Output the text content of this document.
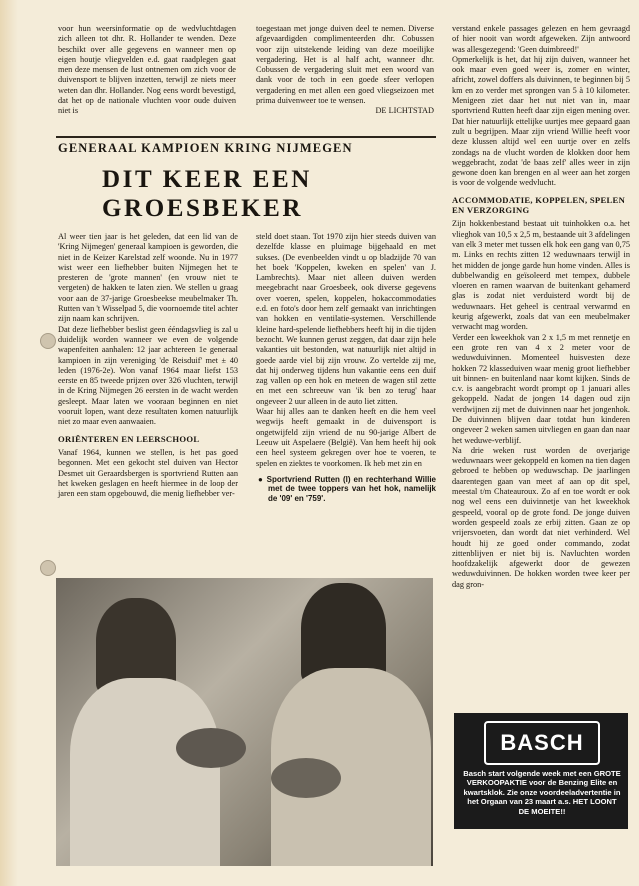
voor hun weersinformatie op de wedvluchtdagen zich alleen tot dhr. R. Hollander te wenden. Deze beschikt over alle gegevens en wanneer men op eigen houtje vliegvelden e.d. gaat raadplegen gaat men deze mensen de lust ontnemen om zich voor de duivensport te blijven inzetten, terwijl ze niets meer weten dan dhr. Hollander. Nog eens wordt bevestigd, dat het op de nationale vluchten voor oude duiven niet is

toegestaan met jonge duiven deel te nemen. Diverse afgevaardigden complimenteerden dhr. Cobussen voor zijn uitstekende leiding van deze moeilijke vergadering. Het is al half acht, wanneer dhr. Cobussen de vergadering sluit met een woord van dank voor de toch in een goede sfeer verlopen vergadering en met allen een goed vliegseizoen met prima duivenweer toe te wensen.

DE LICHTSTAD

GENERAAL KAMPIOEN KRING NIJMEGEN
DIT KEER EEN
GROESBEKER

Al weer tien jaar is het geleden, dat een lid van de 'Kring Nijmegen' generaal kampioen is geworden, die niet in de Keizer Karelstad zelf woonde. Nu in 1977 wist weer een liefhebber buiten Nijmegen het te presteren de 'grote mannen' (en vrouw niet te vergeten) de hakken te laten zien. We stellen u graag voor aan de 37-jarige Groesbeekse meubelmaker Th. Rutten van 't Wisselpad 5, die voornoemde titel achter zijn naam kan schrijven.

Dat deze liefhebber beslist geen ééndagsvlieg is zal u duidelijk worden wanneer we even de volgende wapenfeiten aanhalen: 12 jaar achtereen 1e generaal kampioen in zijn vereniging 'de Reisduif' met ± 40 leden (1976-2e). Won vanaf 1964 maar liefst 153 eerste en 85 tweede prijzen over 326 vluchten, terwijl in de Kring Nijmegen 26 eersten in de wacht werden gesleept. Maar laten we vooraan beginnen en niet vooruit lopen, want deze resultaten komen natuurlijk niet zo maar even aanwaaien.

ORIËNTEREN EN LEERSCHOOL

Vanaf 1964, kunnen we stellen, is het pas goed begonnen. Met een gekocht stel duiven van Hector Desmet uit Geraardsbergen is sportvriend Rutten aan het kweken geslagen en heeft hiermee in de loop der jaren een stam opgebouwd, die menig liefhebber ver-

steld doet staan. Tot 1970 zijn hier steeds duiven van dezelfde klasse en pluimage bijgehaald en met sukses. (De evenbeelden vindt u op bladzijde 70 van het boek 'Koppelen, kweken en spelen' van J. Lambrechts). Maar niet alleen duiven werden meegebracht naar Groesbeek, ook diverse gegevens over voeren, spelen, koppelen, hokaccommodaties e.d. en foto's door hem zelf gemaakt van inrichtingen van hokken en ventilatie-systemen. Verschillende kleine hard-spelende liefhebbers heeft hij in die tijden bezocht. We kunnen gerust zeggen, dat daar zijn hele vakanties uit bestonden, wat natuurlijk niet altijd in goede aarde viel bij zijn vrouw. Zo vertelde zij me, dat hij onderweg tijdens hun vakantie eens een duif zag vallen op een hok en meteen de wagen stil zette en met een schreeuw van 'ik ben zo terug' haar ongeveer 2 uur alleen in de auto liet zitten.

Waar hij alles aan te danken heeft en die hem veel wegwijs heeft gemaakt in de duivensport is ongetwijfeld zijn vriend de nu 90-jarige Albert de Leeuw uit Aspelaere (België). Van hem heeft hij ook een heel systeem gekregen over hoe te voeren, te spelen en ziektes te voorkomen. Ik heb met zin en

● Sportvriend Rutten (l) en rechterhand Willie met de twee toppers van het hok, namelijk de '09' en '759'.

verstand enkele passages gelezen en hem gevraagd of hier nooit van wordt afgeweken. Zijn antwoord was allesgezegend: 'Geen duimbreed!'

Opmerkelijk is het, dat hij zijn duiven, wanneer het ook maar even goed weer is, zomer en winter, africht, zowel doffers als duivinnen, te beginnen bij 5 km en zo verder met sprongen van 5 à 10 kilometer. Menigeen ziet daar het nut niet van in, maar sportvriend Rutten heeft daar zijn eigen mening over. Dat hier natuurlijk ettelijke uurtjes mee gepaard gaan zult u begrijpen. Maar zijn vriend Willie heeft voor deze klussen altijd wel een uurtje over en zelfs zondags na de vlucht worden de klokken door hem weggebracht, zodat 'de baas zelf' alles weer in zijn gewone doen kan brengen en al weer aan het zorgen is voor de volgende wedvlucht.

ACCOMMODATIE, KOPPELEN, SPELEN EN VERZORGING

Zijn hokkenbestand bestaat uit tuinhokken o.a. het vlieghok van 10,5 x 2,5 m, bestaande uit 3 afdelingen van elk 3 meter met tussen elk hok een gang van 0,75 m. Links en rechts zitten 12 weduwnaars terwijl in het midden de jonge garde hun home vinden. Alles is dubbelwandig en geïsoleerd met tempex, dubbele vloeren en ramen waarvan de buitenkant gehamerd glas is zodat niet verduisterd wordt bij de weduwnaars. Het geheel is centraal verwarmd en keurig afgewerkt, zoals dat van een meubelmaker verwacht mag worden.

Verder een kweekhok van 2 x 1,5 m met rennetje en een grote ren van 4 x 2 meter voor de weduwduivinnen. Momenteel huisvesten deze hokken 72 klasseduiven waar menig groot liefhebber uit binnen- en buitenland naar komt kijken. Sinds de c.v. is aangebracht wordt prompt op 1 januari alles gekoppeld. Nadat de jongen 14 dagen oud zijn verdwijnen zij met de duivinnen naar het jongenhok. De duivinnen blijven daar totdat hun kinderen ongeveer 2 weken samen uitvliegen en gaan dan naar het weduwe-verblijf.

Na drie weken rust worden de overjarige weduwnaars weer gekoppeld en komen na tien dagen gebroed te hebben op weduwschap. De jaarlingen daarentegen gaan van meet af aan op dit spel, meestal t/m Chateauroux. Zo af en toe wordt er ook nog wel eens een duivinnetje van het kweekhok gespeeld, vooral op de grote fond. De jonge duiven worden gespeeld zoals ze erbij zitten. Gaan ze op vrijersvoeten, dan wordt dat niet verhinderd. Wel houdt hij ze goed onder commando, zodat zittenblijven er niet bij is. Navluchten worden hoofdzakelijk afgewerkt door de gewezen weduwduivinnen. De hokken worden twee keer per dag gron-

BASCH
Basch start volgende week met een GROTE VERKOOPAKTIE voor de Benzing Elite en kwartsklok. Zie onze voordeeladvertentie in het Orgaan van 23 maart a.s. HET LOONT DE MOEITE!!
